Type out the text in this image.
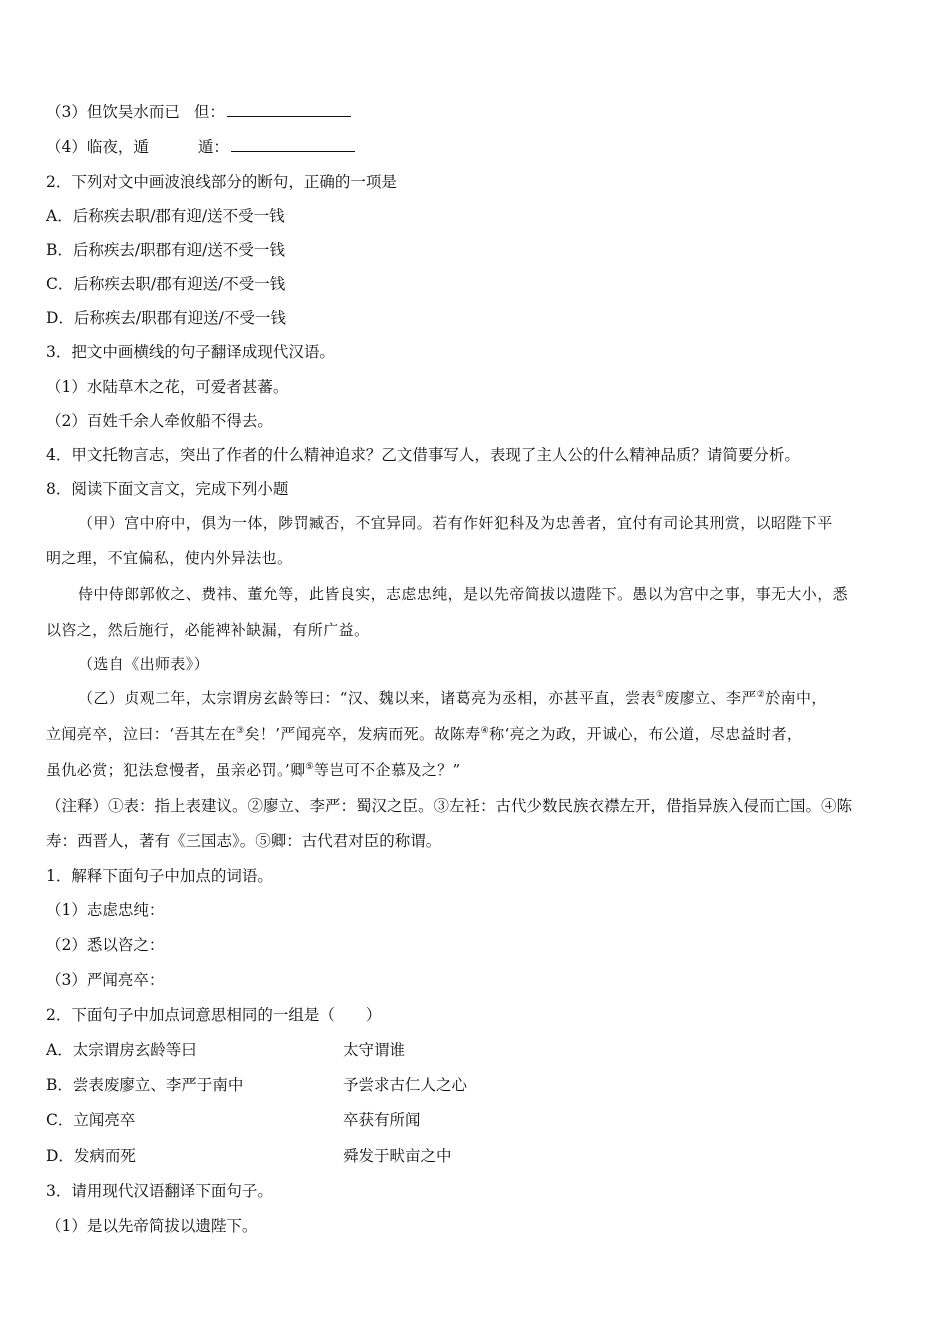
（3）但饮吴水而已 但：
（4）临夜，遁	遁：
2．下列对文中画波浪线部分的断句，正确的一项是
A．后称疾去职/郡有迎/送不受一钱
B．后称疾去/职郡有迎/送不受一钱
C．后称疾去职/郡有迎送/不受一钱
D．后称疾去/职郡有迎送/不受一钱
3．把文中画横线的句子翻译成现代汉语。
（1）水陆草木之花，可爱者甚蕃。
（2）百姓千余人牵攸船不得去。
4．甲文托物言志，突出了作者的什么精神追求？乙文借事写人，表现了主人公的什么精神品质？请简要分析。
8．阅读下面文言文，完成下列小题
（甲）宫中府中，俱为一体，陟罚臧否，不宜异同。若有作奸犯科及为忠善者，宜付有司论其刑赏，以昭陛下平
明之理，不宜偏私，使内外异法也。
侍中侍郎郭攸之、费祎、董允等，此皆良实，志虑忠纯，是以先帝简拔以遗陛下。愚以为宫中之事，事无大小，悉
以咨之，然后施行，必能裨补缺漏，有所广益。
（选自《出师表》）
（乙）贞观二年，太宗谓房玄龄等曰：“汉、魏以来，诸葛亮为丞相，亦甚平直，尝表①废廖立、李严②於南中，
立闻亮卒，泣曰：‘吾其左在③矣！’严闻亮卒，发病而死。故陈寿④称‘亮之为政，开诚心，布公道，尽忠益时者，
虽仇必赏；犯法怠慢者，虽亲必罚。’卿⑤等岂可不企慕及之？”
（注释）①表：指上表建议。②廖立、李严：蜀汉之臣。③左衽：古代少数民族衣襟左开，借指异族入侵而亡国。④陈
寿：西晋人，著有《三国志》。⑤卿：古代君对臣的称谓。
1．解释下面句子中加点的词语。
（1）志虑忠纯：
（2）悉以咨之：
（3）严闻亮卒：
2．下面句子中加点词意思相同的一组是（　　）
A．太宗谓房玄龄等曰	太守谓谁
B．尝表废廖立、李严于南中	予尝求古仁人之心
C．立闻亮卒	卒获有所闻
D．发病而死	舜发于畎亩之中
3．请用现代汉语翻译下面句子。
（1）是以先帝简拔以遗陛下。
